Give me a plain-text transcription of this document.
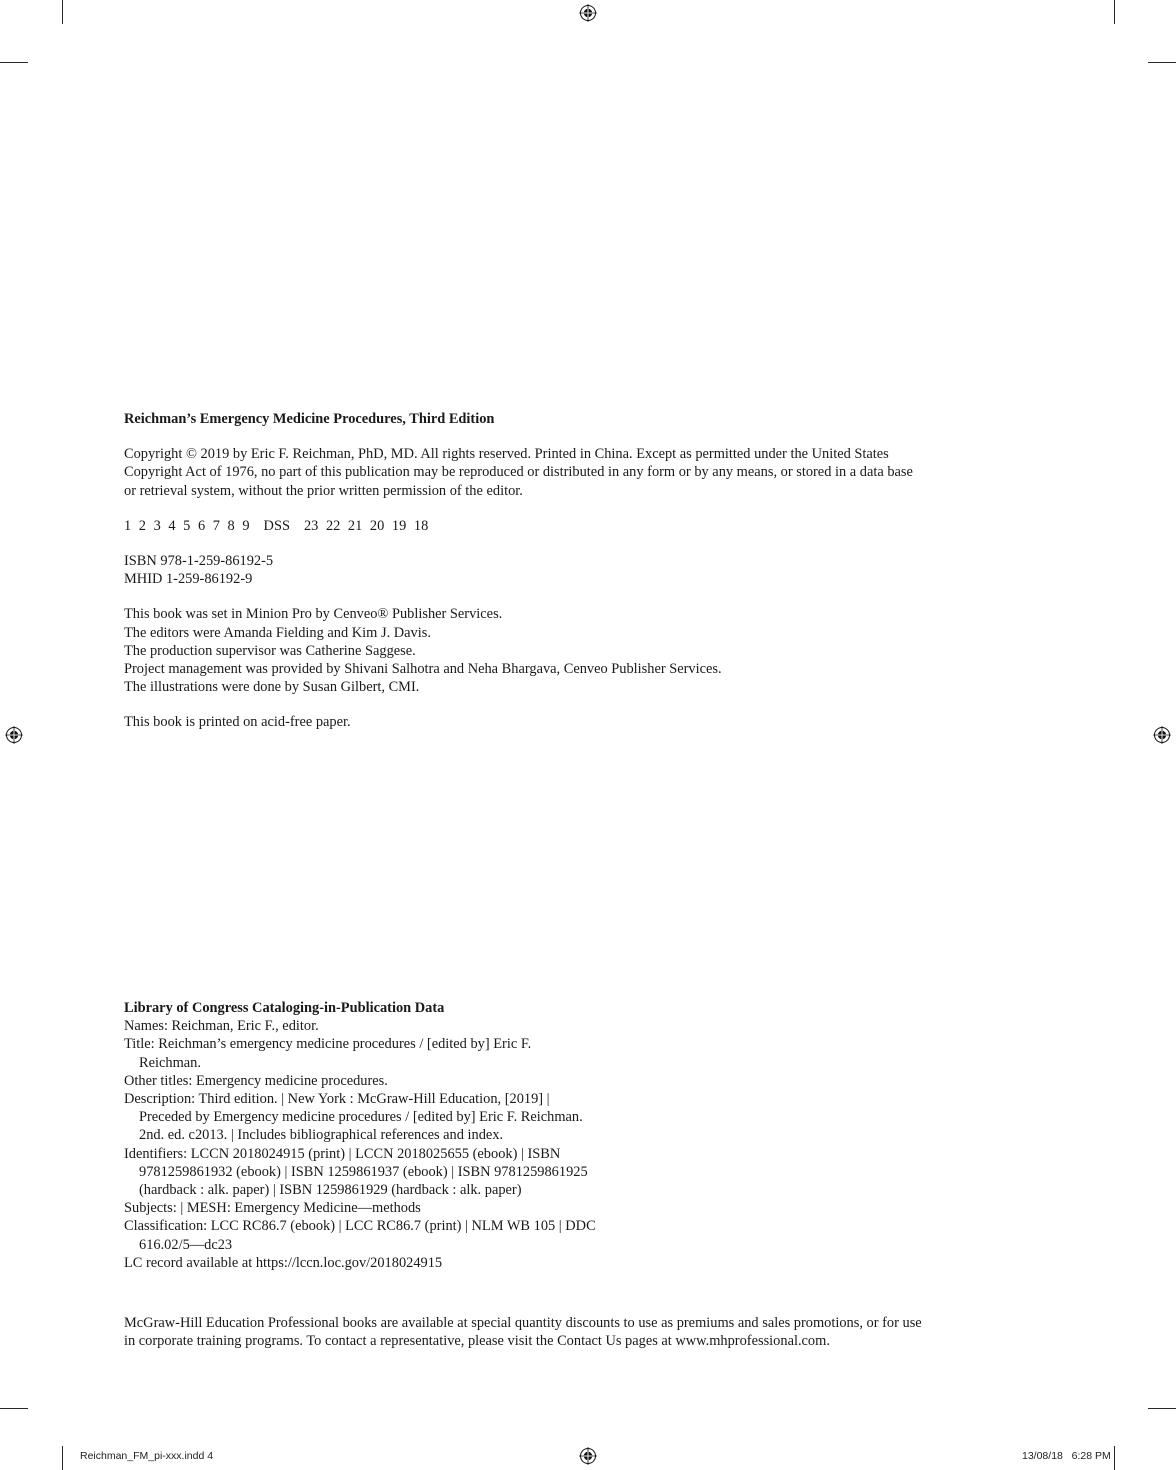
Reichman’s Emergency Medicine Procedures, Third Edition

Copyright © 2019 by Eric F. Reichman, PhD, MD. All rights reserved. Printed in China. Except as permitted under the United States

Copyright Act of 1976, no part of this publication may be reproduced or distributed in any form or by any means, or stored in a data base

or retrieval system, without the prior written permission of the editor.

1 2 3 4 5 6 7 8 9 DSS 23 22 21 20 19 18

ISBN 978-1-259-86192-5

MHID 1-259-86192-9

This book was set in Minion Pro by Cenveo® Publisher Services.

The editors were Amanda Fielding and Kim J. Davis.

The production supervisor was Catherine Saggese.

Project management was provided by Shivani Salhotra and Neha Bhargava, Cenveo Publisher Services.

The illustrations were done by Susan Gilbert, CMI.

This book is printed on acid-free paper.

Library of Congress Cataloging-in-Publication Data

Names: Reichman, Eric F., editor.

Title: Reichman’s emergency medicine procedures / [edited by] Eric F.

Reichman.

Other titles: Emergency medicine procedures.

Description: Third edition. | New York : McGraw-Hill Education, [2019] |

Preceded by Emergency medicine procedures / [edited by] Eric F. Reichman.

2nd. ed. c2013. | Includes bibliographical references and index.

Identifiers: LCCN 2018024915 (print) | LCCN 2018025655 (ebook) | ISBN

9781259861932 (ebook) | ISBN 1259861937 (ebook) | ISBN 9781259861925

(hardback : alk. paper) | ISBN 1259861929 (hardback : alk. paper)

Subjects: | MESH: Emergency Medicine—methods

Classification: LCC RC86.7 (ebook) | LCC RC86.7 (print) | NLM WB 105 | DDC

616.02/5—dc23

LC record available at https://lccn.loc.gov/2018024915

McGraw-Hill Education Professional books are available at special quantity discounts to use as premiums and sales promotions, or for use

in corporate training programs. To contact a representative, please visit the Contact Us pages at www.mhprofessional.com.

Reichman_FM_pi-xxx.indd 4	13/08/18 6:28 PM
